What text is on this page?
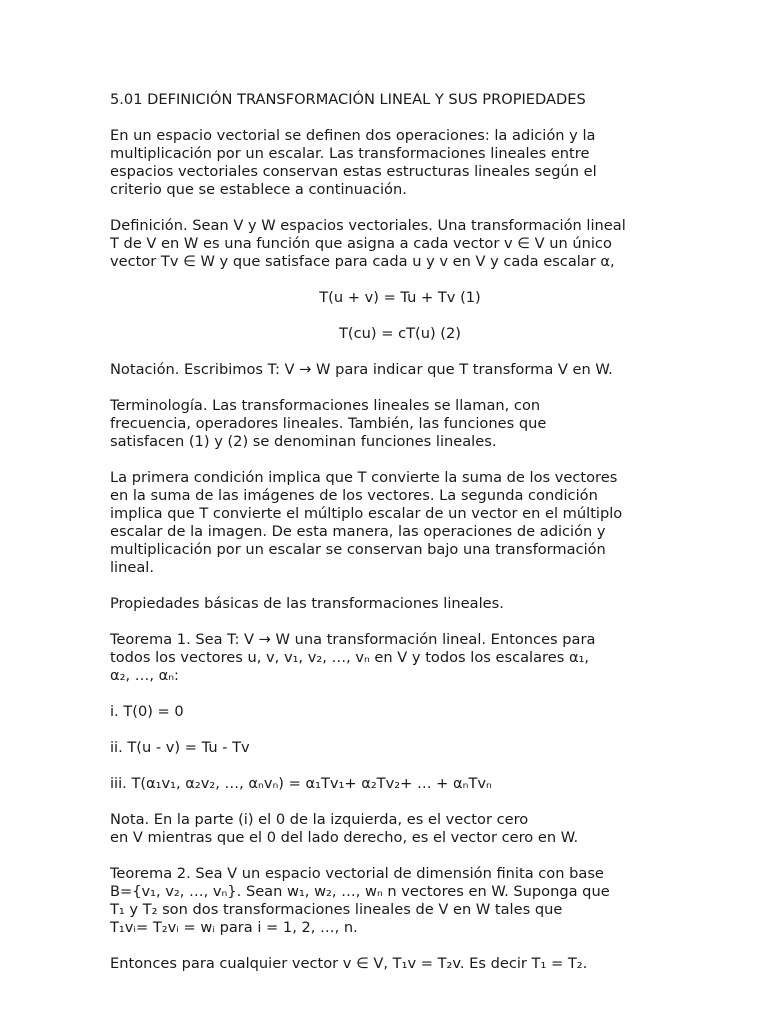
5.01 DEFINICIÓN TRANSFORMACIÓN LINEAL Y SUS PROPIEDADES

En un espacio vectorial se definen dos operaciones: la adición y la
multiplicación por un escalar. Las transformaciones lineales entre
espacios vectoriales conservan estas estructuras lineales según el
criterio que se establece a continuación.

Definición. Sean V y W espacios vectoriales. Una transformación lineal
T de V en W es una función que asigna a cada vector v ∈ V un único
vector Tv ∈ W y que satisface para cada u y v en V y cada escalar α,

T(u + v) = Tu + Tv (1)

T(cu) = cT(u) (2)

Notación. Escribimos T: V → W para indicar que T transforma V en W.

Terminología. Las transformaciones lineales se llaman, con
frecuencia, operadores lineales. También, las funciones que
satisfacen (1) y (2) se denominan funciones lineales.

La primera condición implica que T convierte la suma de los vectores
en la suma de las imágenes de los vectores. La segunda condición
implica que T convierte el múltiplo escalar de un vector en el múltiplo
escalar de la imagen. De esta manera, las operaciones de adición y
multiplicación por un escalar se conservan bajo una transformación
lineal.

Propiedades básicas de las transformaciones lineales.

Teorema 1. Sea T: V → W una transformación lineal. Entonces para
todos los vectores u, v, v₁, v₂, …, vₙ en V y todos los escalares α₁,
α₂, …, αₙ:

i. T(0) = 0

ii. T(u - v) = Tu - Tv

iii. T(α₁v₁, α₂v₂, …, αₙvₙ) = α₁Tv₁+ α₂Tv₂+ … + αₙTvₙ

Nota. En la parte (i) el 0 de la izquierda, es el vector cero
en V mientras que el 0 del lado derecho, es el vector cero en W.

Teorema 2. Sea V un espacio vectorial de dimensión finita con base
B={v₁, v₂, …, vₙ}. Sean w₁, w₂, …, wₙ n vectores en W. Suponga que
T₁ y T₂ son dos transformaciones lineales de V en W tales que
T₁vᵢ= T₂vᵢ = wᵢ para i = 1, 2, …, n.

Entonces para cualquier vector v ∈ V, T₁v = T₂v. Es decir T₁ = T₂.
